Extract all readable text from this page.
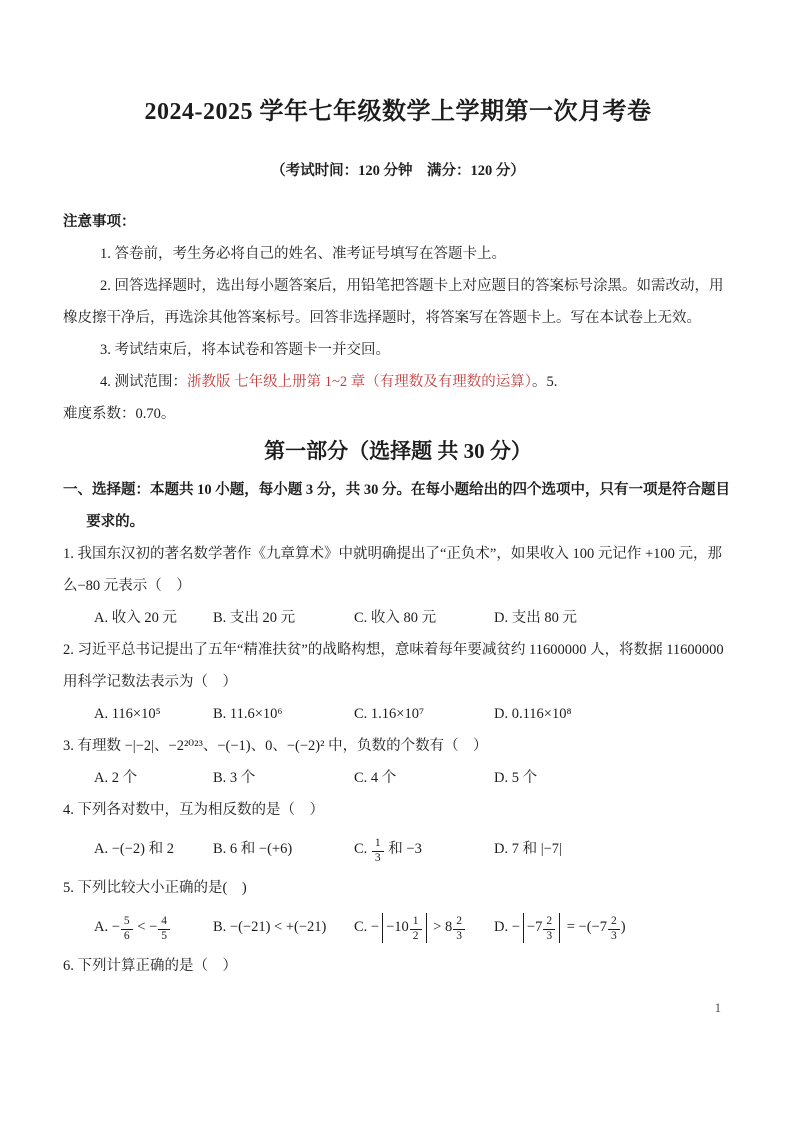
2024-2025 学年七年级数学上学期第一次月考卷
（考试时间：120 分钟　满分：120 分）

注意事项：

1. 答卷前，考生务必将自己的姓名、准考证号填写在答题卡上。

2. 回答选择题时，选出每小题答案后，用铅笔把答题卡上对应题目的答案标号涂黑。如需改动，用橡皮擦干净后，再选涂其他答案标号。回答非选择题时，将答案写在答题卡上。写在本试卷上无效。

3. 考试结束后，将本试卷和答题卡一并交回。

4. 测试范围：浙教版 七年级上册第 1~2 章（有理数及有理数的运算）。5.

难度系数：0.70。

第一部分（选择题 共 30 分）

一、选择题：本题共 10 小题，每小题 3 分，共 30 分。在每小题给出的四个选项中，只有一项是符合题目要求的。

1. 我国东汉初的著名数学著作《九章算术》中就明确提出了“正负术”，如果收入 100 元记作 +100 元，那么−80 元表示（　）

A. 收入 20 元	B. 支出 20 元	C. 收入 80 元	D. 支出 80 元

2. 习近平总书记提出了五年“精准扶贫”的战略构想，意味着每年要减贫约 11600000 人，将数据 11600000 用科学记数法表示为（　）

A. 116×10⁵	B. 11.6×10⁶	C. 1.16×10⁷	D. 0.116×10⁸

3. 有理数 −|−2|、−2²⁰²³、−(−1)、0、−(−2)² 中，负数的个数有（　）

A. 2 个	B. 3 个	C. 4 个	D. 5 个

4. 下列各对数中，互为相反数的是（　）

A. −(−2) 和 2	B. 6 和 −(+6)	C. $\frac{1}{3}$ 和 −3	D. 7 和 |−7|

5. 下列比较大小正确的是(　)

A. − $\frac{5}{6}$ < − $\frac{4}{5}$	B. −(−21) < +(−21)	C. − $-10 \frac{1}{2} > 8 \frac{2}{3} D$. − $-7 \frac{2}{3} = -(-7 \frac{2}{3}$ )

6. 下列计算正确的是（　）

1
